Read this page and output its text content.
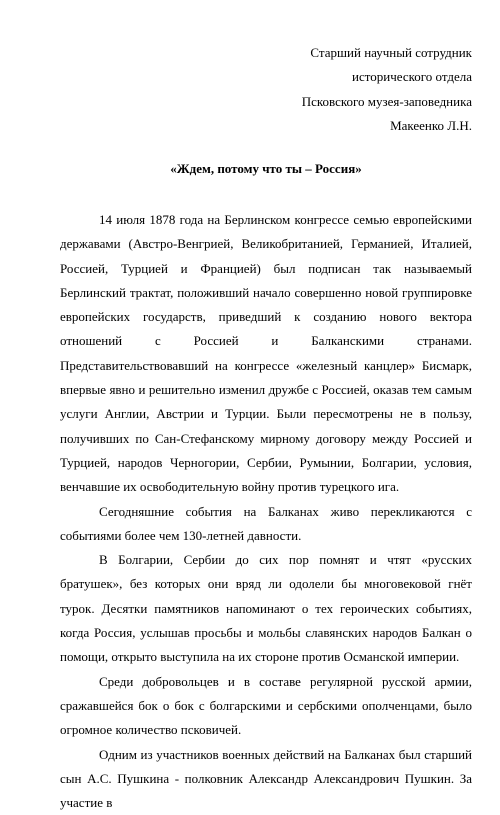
Старший научный сотрудник
исторического отдела
Псковского музея-заповедника
Макеенко Л.Н.
«Ждем, потому что ты – Россия»

14 июля 1878 года на Берлинском конгрессе семью европейскими державами (Австро-Венгрией, Великобританией, Германией, Италией, Россией, Турцией и Францией) был подписан так называемый Берлинский трактат, положивший начало совершенно новой группировке европейских государств, приведший к созданию нового вектора отношений с Россией и Балканскими странами. Представительствовавший на конгрессе «железный канцлер» Бисмарк, впервые явно и решительно изменил дружбе с Россией, оказав тем самым услуги Англии, Австрии и Турции. Были пересмотрены не в пользу, получивших по Сан-Стефанскому мирному договору между Россией и Турцией, народов Черногории, Сербии, Румынии, Болгарии, условия, венчавшие их освободительную войну против турецкого ига.

Сегодняшние события на Балканах живо перекликаются с событиями более чем 130-летней давности.

В Болгарии, Сербии до сих пор помнят и чтят «русских братушек», без которых они вряд ли одолели бы многовековой гнёт турок. Десятки памятников напоминают о тех героических событиях, когда Россия, услышав просьбы и мольбы славянских народов Балкан о помощи, открыто выступила на их стороне против Османской империи.

Среди добровольцев и в составе регулярной русской армии, сражавшейся бок о бок с болгарскими и сербскими ополченцами, было огромное количество псковичей.

Одним из участников военных действий на Балканах был старший сын А.С. Пушкина - полковник Александр Александрович Пушкин. За участие в
